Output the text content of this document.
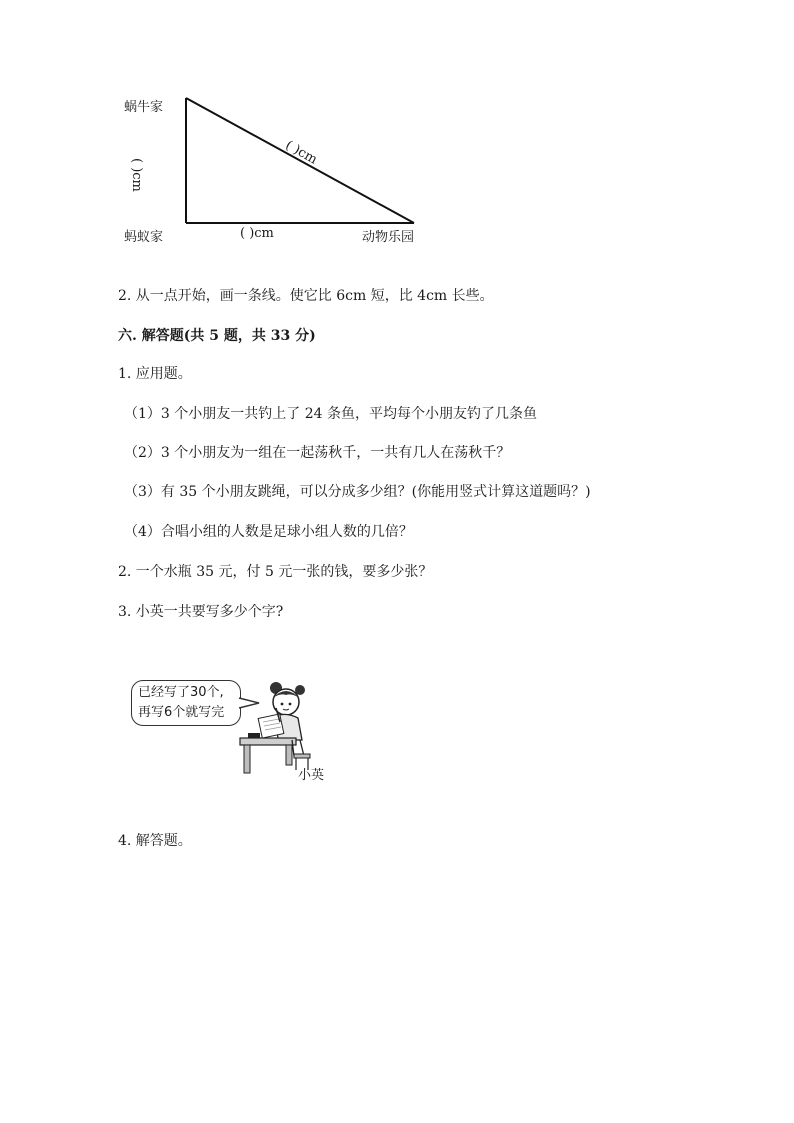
蜗牛家
蚂蚁家	动物乐园
( )cm
( )cm
( )cm
2. 从一点开始，画一条线。使它比 6cm 短，比 4cm 长些。
六. 解答题(共 5 题，共 33 分)
1. 应用题。
（1）3 个小朋友一共钓上了 24 条鱼，平均每个小朋友钓了几条鱼
（2）3 个小朋友为一组在一起荡秋千，一共有几人在荡秋千？
（3）有 35 个小朋友跳绳，可以分成多少组？(你能用竖式计算这道题吗？)
（4）合唱小组的人数是足球小组人数的几倍？
2. 一个水瓶 35 元，付 5 元一张的钱，要多少张？
3. 小英一共要写多少个字?
已经写了30个,
再写6个就写完
小英
4. 解答题。
